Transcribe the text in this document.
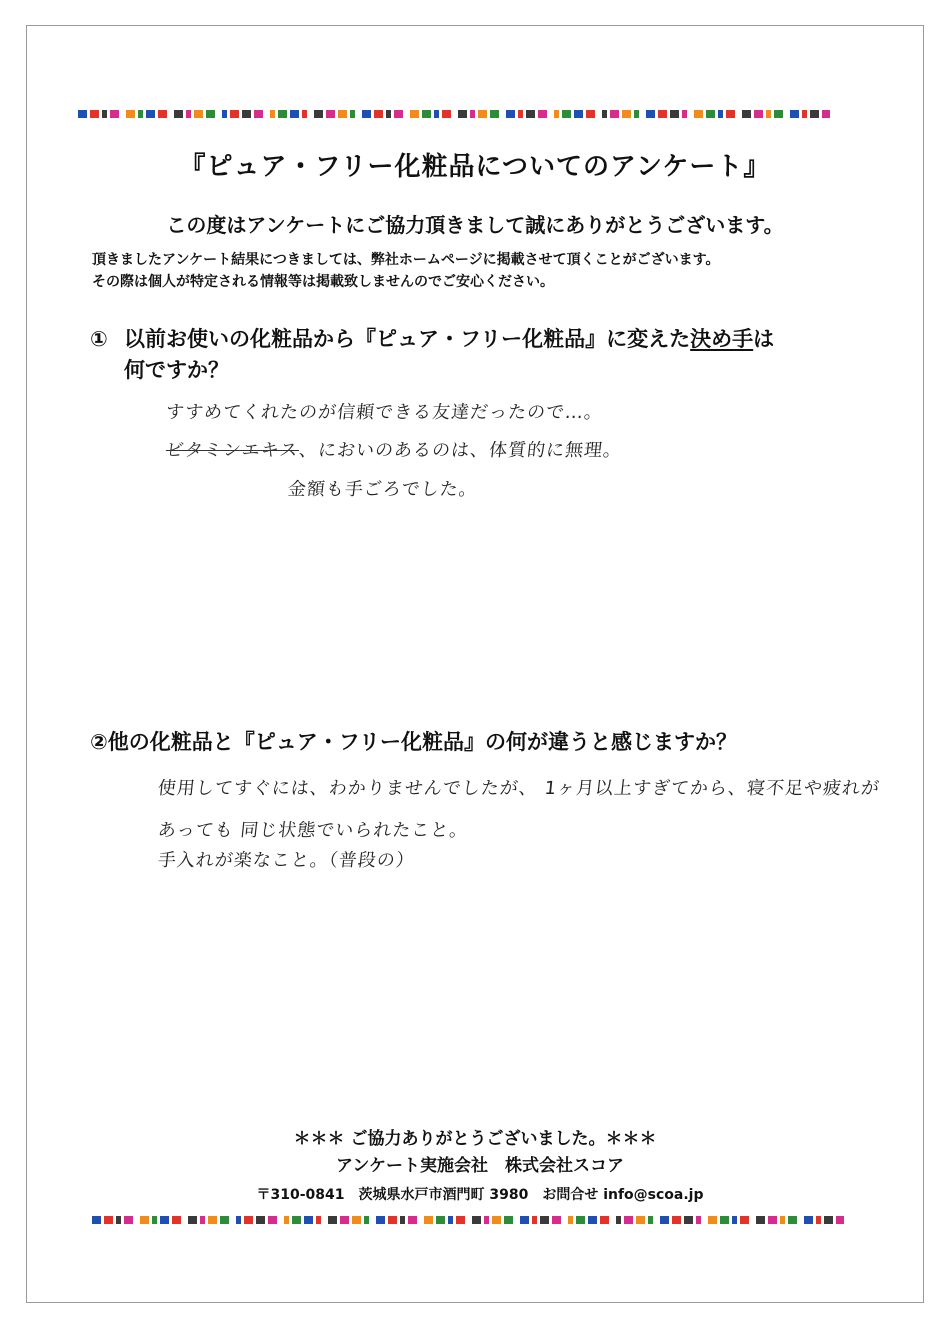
『ピュア・フリー化粧品についてのアンケート』
この度はアンケートにご協力頂きまして誠にありがとうございます。
頂きましたアンケート結果につきましては、弊社ホームページに掲載させて頂くことがございます。
その際は個人が特定される情報等は掲載致しませんのでご安心ください。
① 以前お使いの化粧品から『ピュア・フリー化粧品』に変えた決め手は
何ですか？
すすめてくれたのが信頼できる友達だったので…。
ビタミンエキス、においのあるのは、体質的に無理。
金額も手ごろでした。
②他の化粧品と『ピュア・フリー化粧品』の何が違うと感じますか？
使用してすぐには、わかりませんでしたが、 1ヶ月以上すぎてから、寝不足や疲れが
あっても 同じ状態でいられたこと。
手入れが楽なこと。（普段の）
＊＊＊ ご協力ありがとうございました。＊＊＊
アンケート実施会社　株式会社スコア
〒310-0841　茨城県水戸市酒門町 3980　お問合せ info@scoa.jp
